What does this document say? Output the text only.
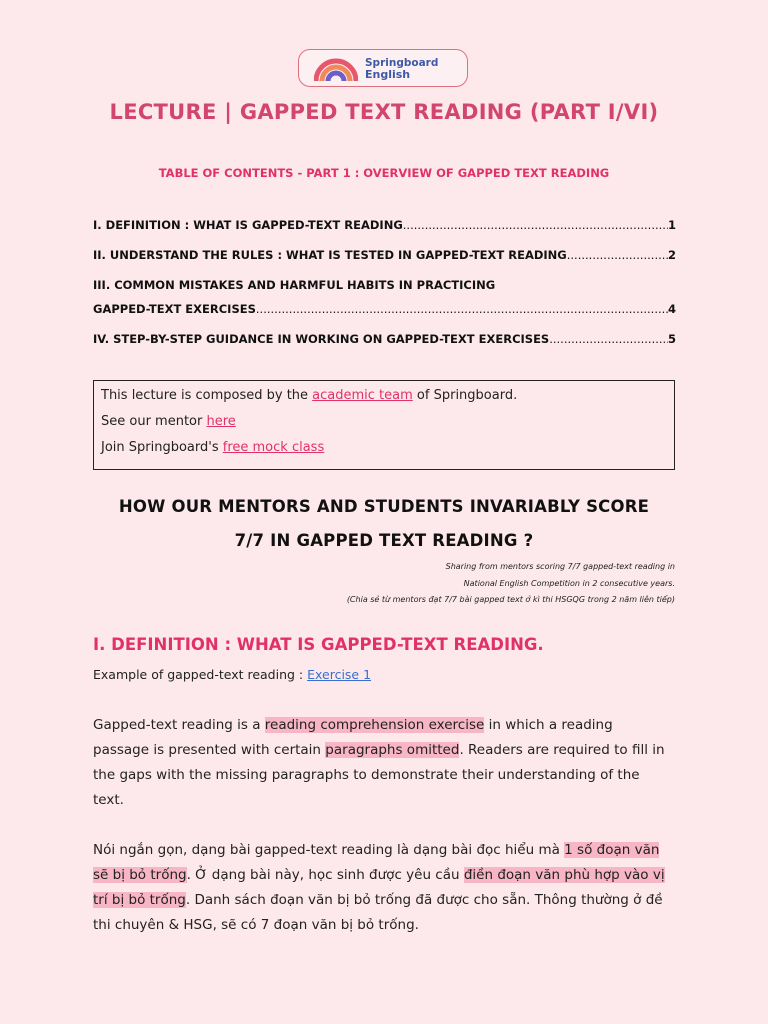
Springboard
English
LECTURE | GAPPED TEXT READING (PART I/VI)
TABLE OF CONTENTS - PART 1 : OVERVIEW OF GAPPED TEXT READING
I. DEFINITION : WHAT IS GAPPED-TEXT READING .....	1
II. UNDERSTAND THE RULES : WHAT IS TESTED IN GAPPED-TEXT READING .....	2
III. COMMON MISTAKES AND HARMFUL HABITS IN PRACTICING
GAPPED-TEXT EXERCISES .....	4
IV. STEP-BY-STEP GUIDANCE IN WORKING ON GAPPED-TEXT EXERCISES .....	5
This lecture is composed by the academic team of Springboard.
See our mentor here
Join Springboard's free mock class
HOW OUR MENTORS AND STUDENTS INVARIABLY SCORE
7/7 IN GAPPED TEXT READING ?
Sharing from mentors scoring 7/7 gapped-text reading in
National English Competition in 2 consecutive years.
(Chia sẻ từ mentors đạt 7/7 bài gapped text ở kì thi HSGQG trong 2 năm liên tiếp)
I. DEFINITION : WHAT IS GAPPED-TEXT READING.
Example of gapped-text reading : Exercise 1
Gapped-text reading is a reading comprehension exercise in which a reading
passage is presented with certain paragraphs omitted. Readers are required to fill in
the gaps with the missing paragraphs to demonstrate their understanding of the
text.
Nói ngắn gọn, dạng bài gapped-text reading là dạng bài đọc hiểu mà 1 số đoạn văn
sẽ bị bỏ trống. Ở dạng bài này, học sinh được yêu cầu điền đoạn văn phù hợp vào vị
trí bị bỏ trống. Danh sách đoạn văn bị bỏ trống đã được cho sẵn. Thông thường ở đề
thi chuyên & HSG, sẽ có 7 đoạn văn bị bỏ trống.
